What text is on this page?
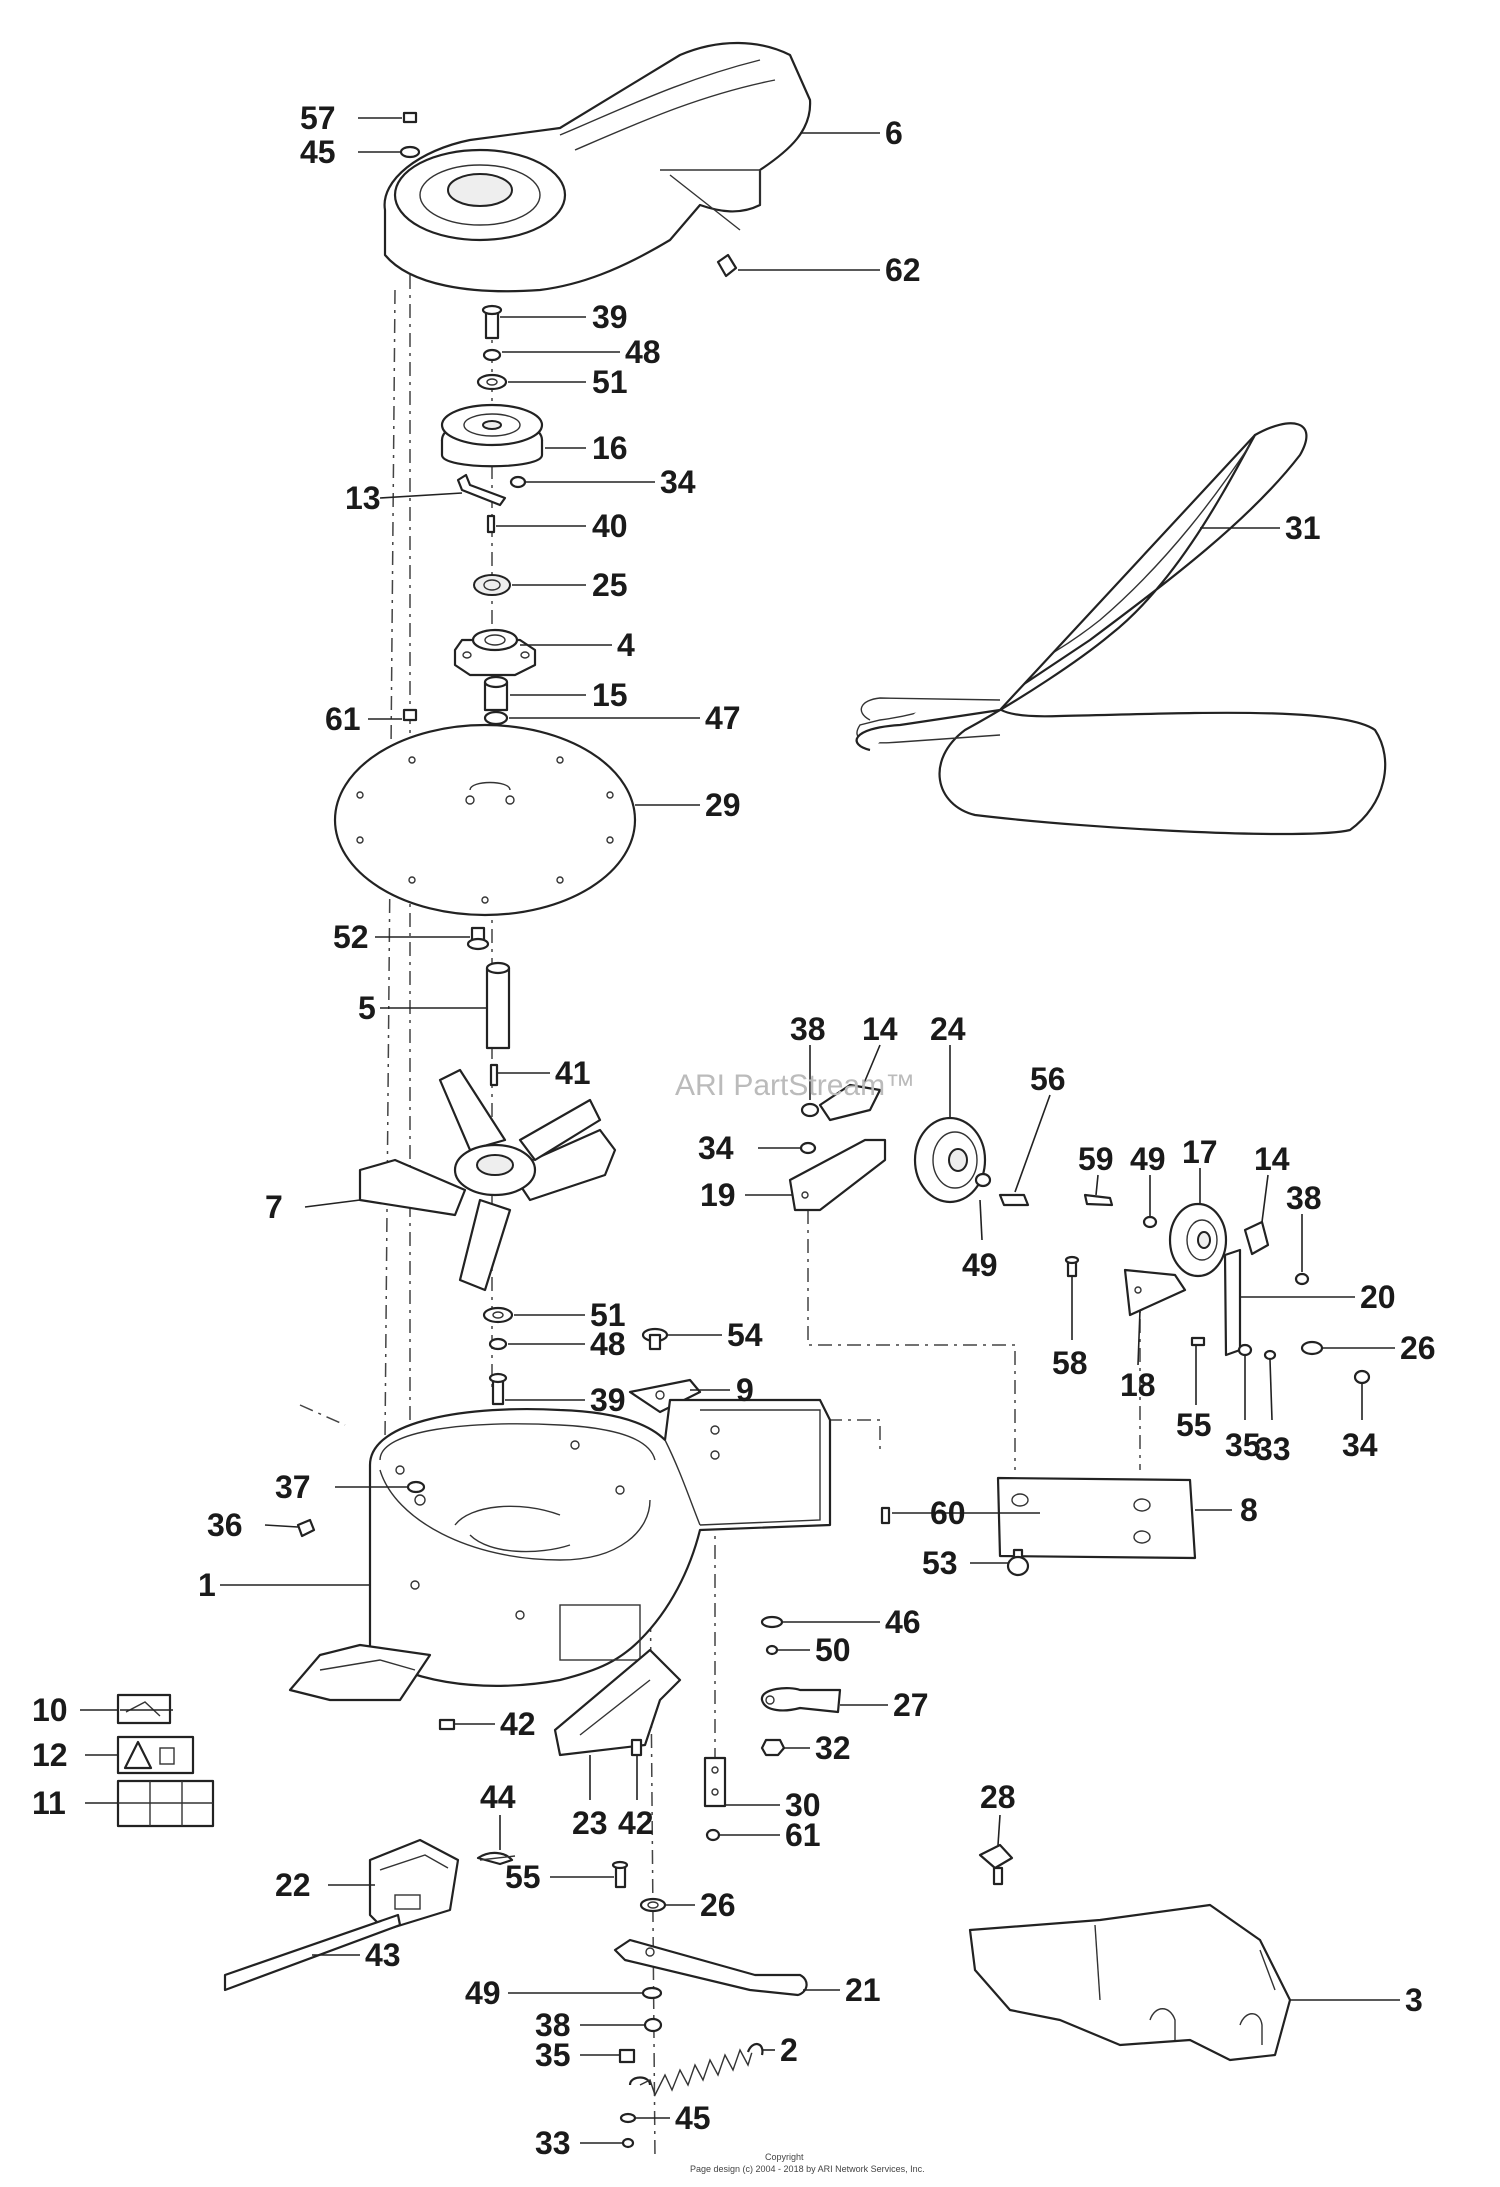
57
45
6
62
39
48
51
16
13	34
40
25
4
15
61	47
29
31
52
5
41
7
38 14 24
56
34
19
49
59 49 17 14
38
20
58
18
26
55
35
33 34
51
48	54
39	9
37
36	60	8
53
1
46
50
27
32
10
12
11
42
23 42	30
61
28
44
22	55
26
43
49	21
38
35	2
45
33
3
ARI PartStream™
Copyright
Page design (c) 2004 - 2018 by ARI Network Services, Inc.
